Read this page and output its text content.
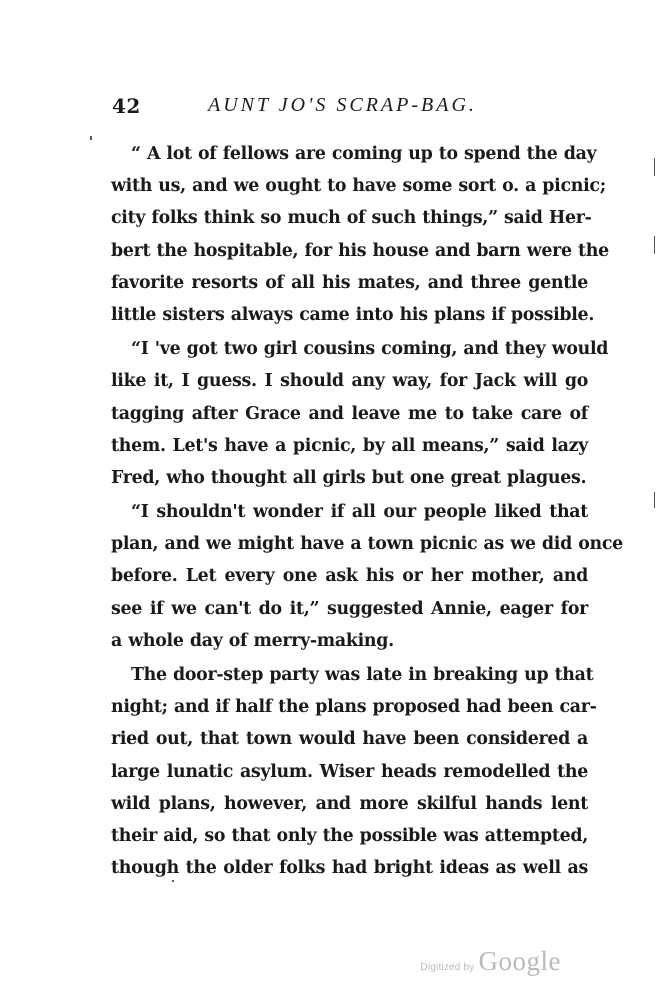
42	AUNT JO'S SCRAP-BAG.
“ A lot of fellows are coming up to spend the day
with us, and we ought to have some sort o. a picnic;
city folks think so much of such things,” said Her-
bert the hospitable, for his house and barn were the
favorite resorts of all his mates, and three gentle
little sisters always came into his plans if possible.
“I 've got two girl cousins coming, and they would
like it, I guess. I should any way, for Jack will go
tagging after Grace and leave me to take care of
them. Let's have a picnic, by all means,” said lazy
Fred, who thought all girls but one great plagues.
“I shouldn't wonder if all our people liked that
plan, and we might have a town picnic as we did once
before. Let every one ask his or her mother, and
see if we can't do it,” suggested Annie, eager for
a whole day of merry-making.
The door-step party was late in breaking up that
night; and if half the plans proposed had been car-
ried out, that town would have been considered a
large lunatic asylum. Wiser heads remodelled the
wild plans, however, and more skilful hands lent
their aid, so that only the possible was attempted,
though the older folks had bright ideas as well as
Digitized by Google
